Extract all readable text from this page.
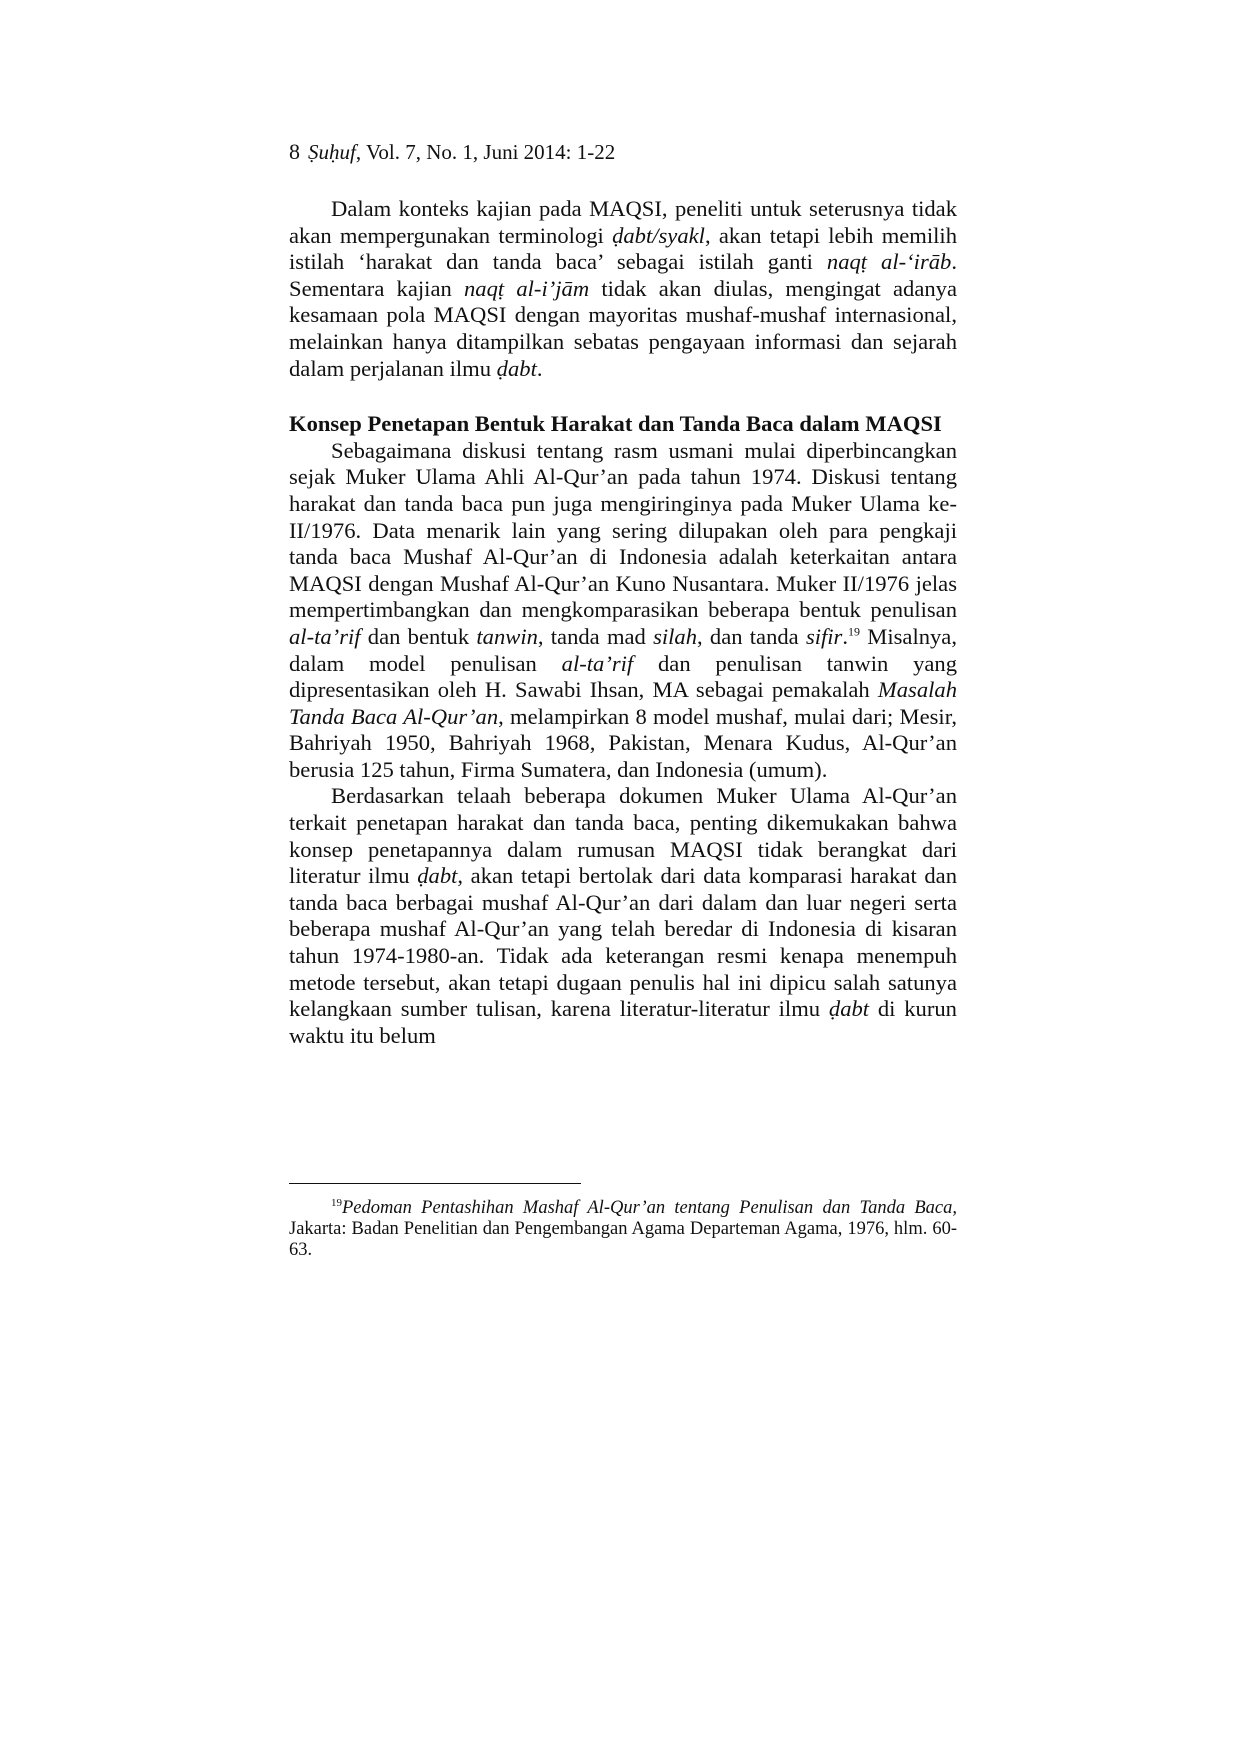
8 Ṣuḥuf, Vol. 7, No. 1, Juni 2014: 1-22

Dalam konteks kajian pada MAQSI, peneliti untuk seterusnya tidak akan mempergunakan terminologi ḍabt/syakl, akan tetapi lebih memilih istilah ‘harakat dan tanda baca’ sebagai istilah ganti naqṭ al-‘irāb. Sementara kajian naqṭ al-i’jām tidak akan diulas, mengingat adanya kesamaan pola MAQSI dengan mayoritas mushaf-mushaf internasional, melainkan hanya ditampilkan sebatas pengayaan informasi dan sejarah dalam perjalanan ilmu ḍabt.

Konsep Penetapan Bentuk Harakat dan Tanda Baca dalam MAQSI

Sebagaimana diskusi tentang rasm usmani mulai diperbincangkan sejak Muker Ulama Ahli Al-Qur’an pada tahun 1974. Diskusi tentang harakat dan tanda baca pun juga mengiringinya pada Muker Ulama ke-II/1976. Data menarik lain yang sering dilupakan oleh para pengkaji tanda baca Mushaf Al-Qur’an di Indonesia adalah keterkaitan antara MAQSI dengan Mushaf Al-Qur’an Kuno Nusantara. Muker II/1976 jelas mempertimbangkan dan mengkomparasikan beberapa bentuk penulisan al-ta’rif dan bentuk tanwin, tanda mad silah, dan tanda sifir.$^{19}$ Misalnya, dalam model penulisan al-ta’rif dan penulisan tanwin yang dipresentasikan oleh H. Sawabi Ihsan, MA sebagai pemakalah Masalah Tanda Baca Al-Qur’an, melampirkan 8 model mushaf, mulai dari; Mesir, Bahriyah 1950, Bahriyah 1968, Pakistan, Menara Kudus, Al-Qur’an berusia 125 tahun, Firma Sumatera, dan Indonesia (umum).

Berdasarkan telaah beberapa dokumen Muker Ulama Al-Qur’an terkait penetapan harakat dan tanda baca, penting dikemukakan bahwa konsep penetapannya dalam rumusan MAQSI tidak berangkat dari literatur ilmu ḍabt, akan tetapi bertolak dari data komparasi harakat dan tanda baca berbagai mushaf Al-Qur’an dari dalam dan luar negeri serta beberapa mushaf Al-Qur’an yang telah beredar di Indonesia di kisaran tahun 1974-1980-an. Tidak ada keterangan resmi kenapa menempuh metode tersebut, akan tetapi dugaan penulis hal ini dipicu salah satunya kelangkaan sumber tulisan, karena literatur-literatur ilmu ḍabt di kurun waktu itu belum

$^{19}$Pedoman Pentashihan Mashaf Al-Qur’an tentang Penulisan dan Tanda Baca, Jakarta: Badan Penelitian dan Pengembangan Agama Departeman Agama, 1976, hlm. 60-63.
